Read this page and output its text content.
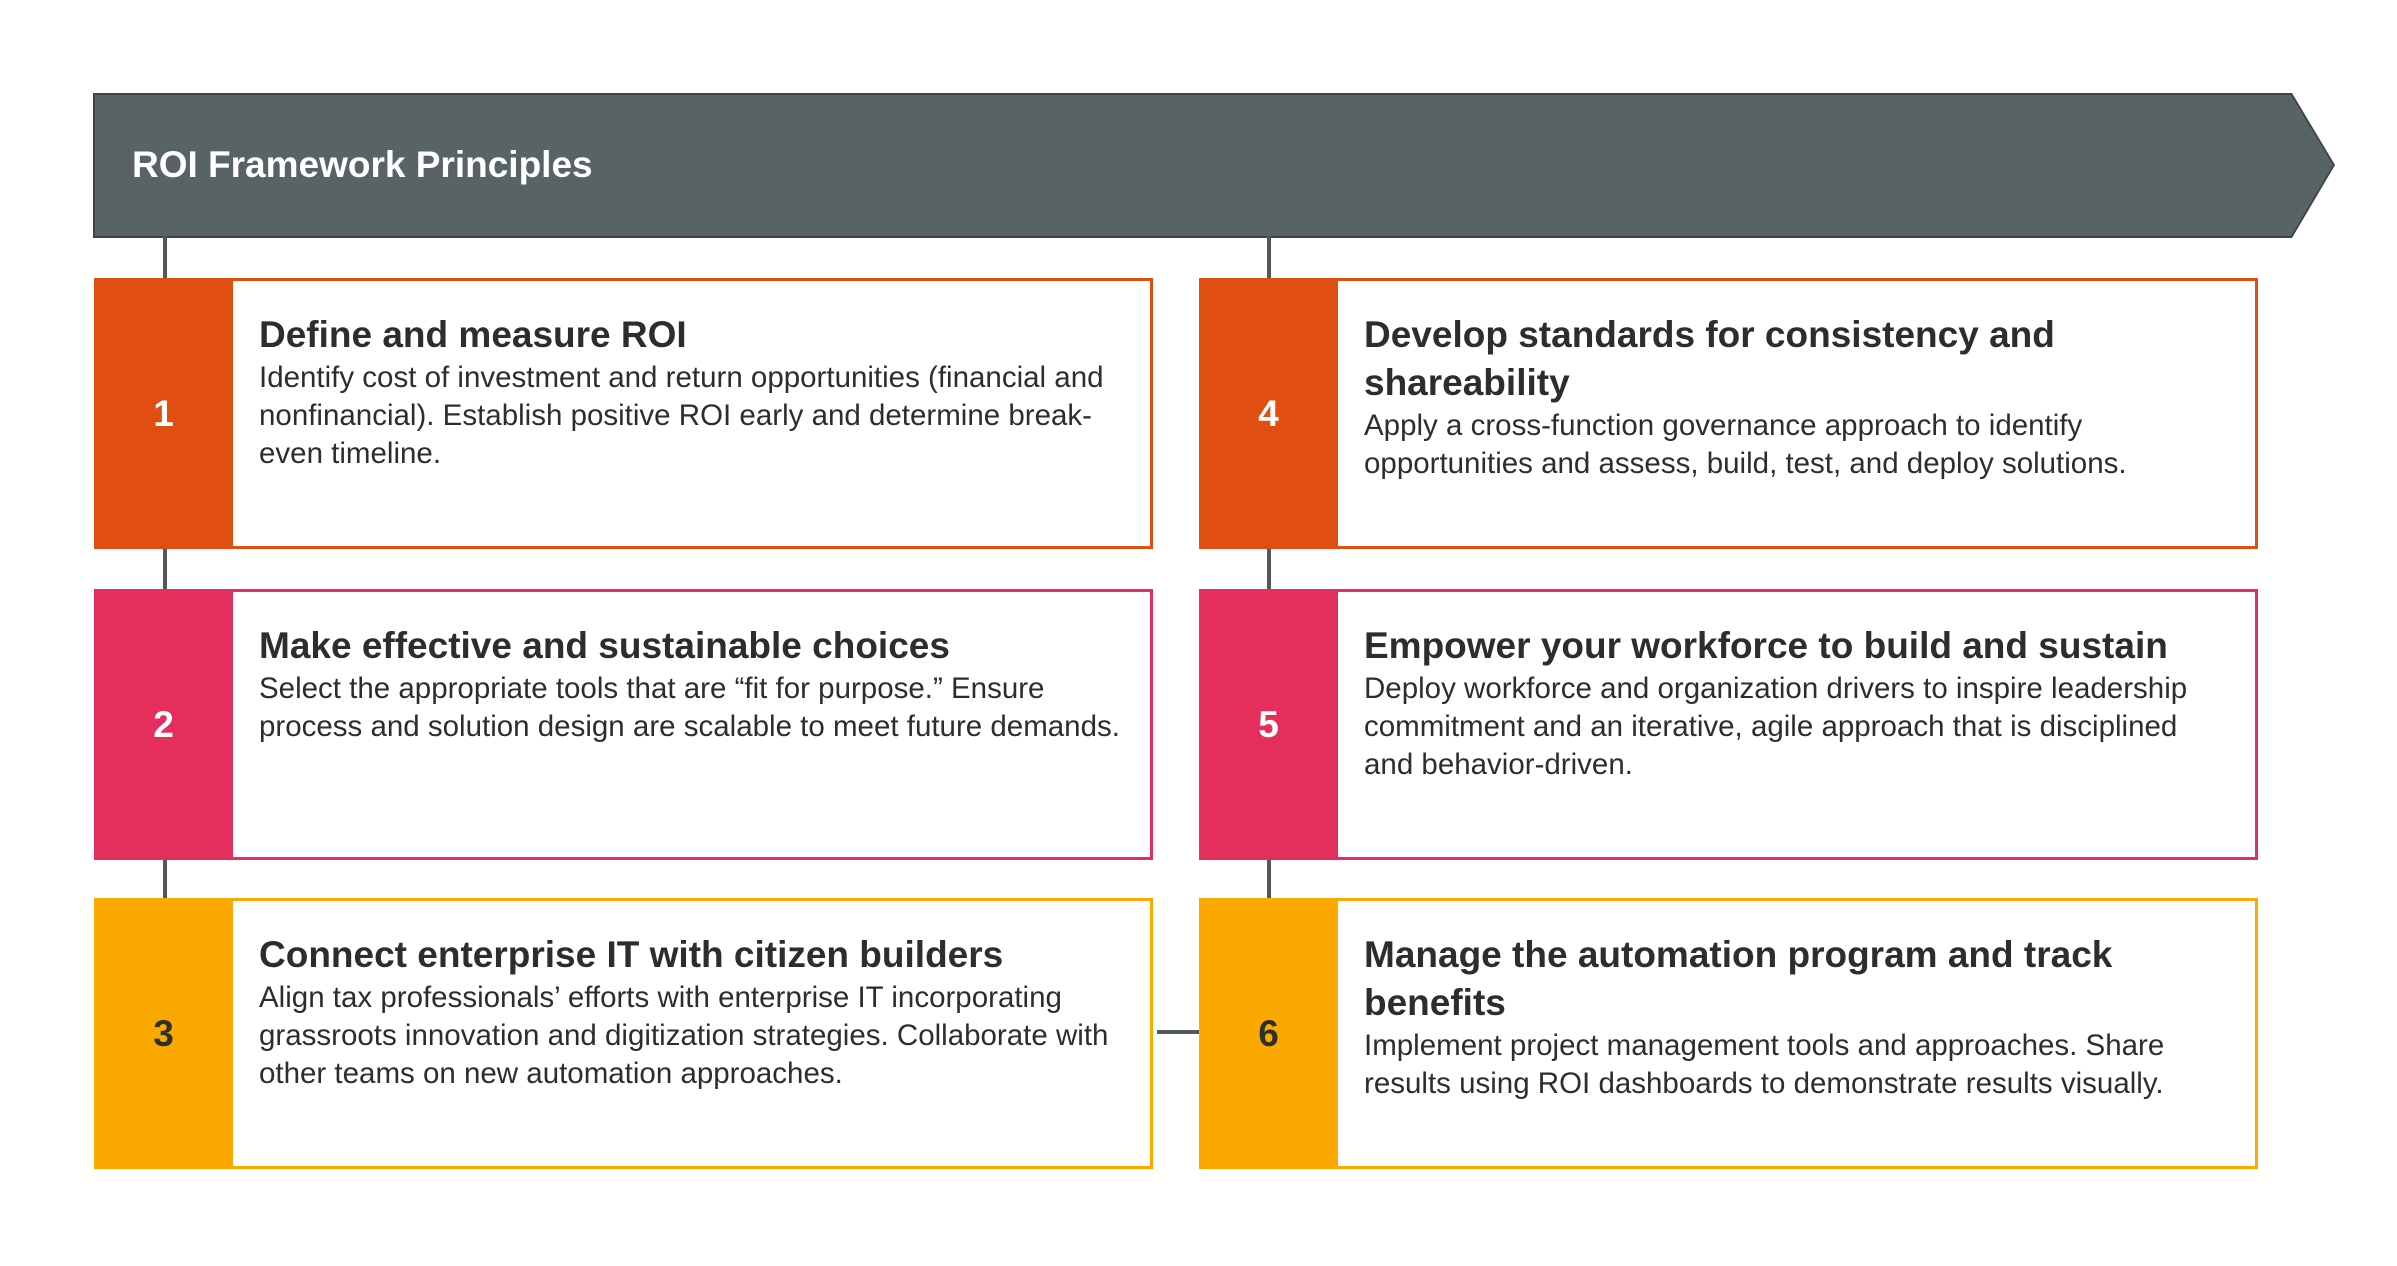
ROI Framework Principles
1
Define and measure ROI
Identify cost of investment and return opportunities (financial and nonfinancial). Establish positive ROI early and determine break-even timeline.
2
Make effective and sustainable choices
Select the appropriate tools that are “fit for purpose.” Ensure process and solution design are scalable to meet future demands.
3
Connect enterprise IT with citizen builders
Align tax professionals’ efforts with enterprise IT incorporating grassroots innovation and digitization strategies. Collaborate with other teams on new automation approaches.
4
Develop standards for consistency and shareability
Apply a cross-function governance approach to identify opportunities and assess, build, test, and deploy solutions.
5
Empower your workforce to build and sustain
Deploy workforce and organization drivers to inspire leadership commitment and an iterative, agile approach that is disciplined and behavior-driven.
6
Manage the automation program and track benefits
Implement project management tools and approaches. Share results using ROI dashboards to demonstrate results visually.
